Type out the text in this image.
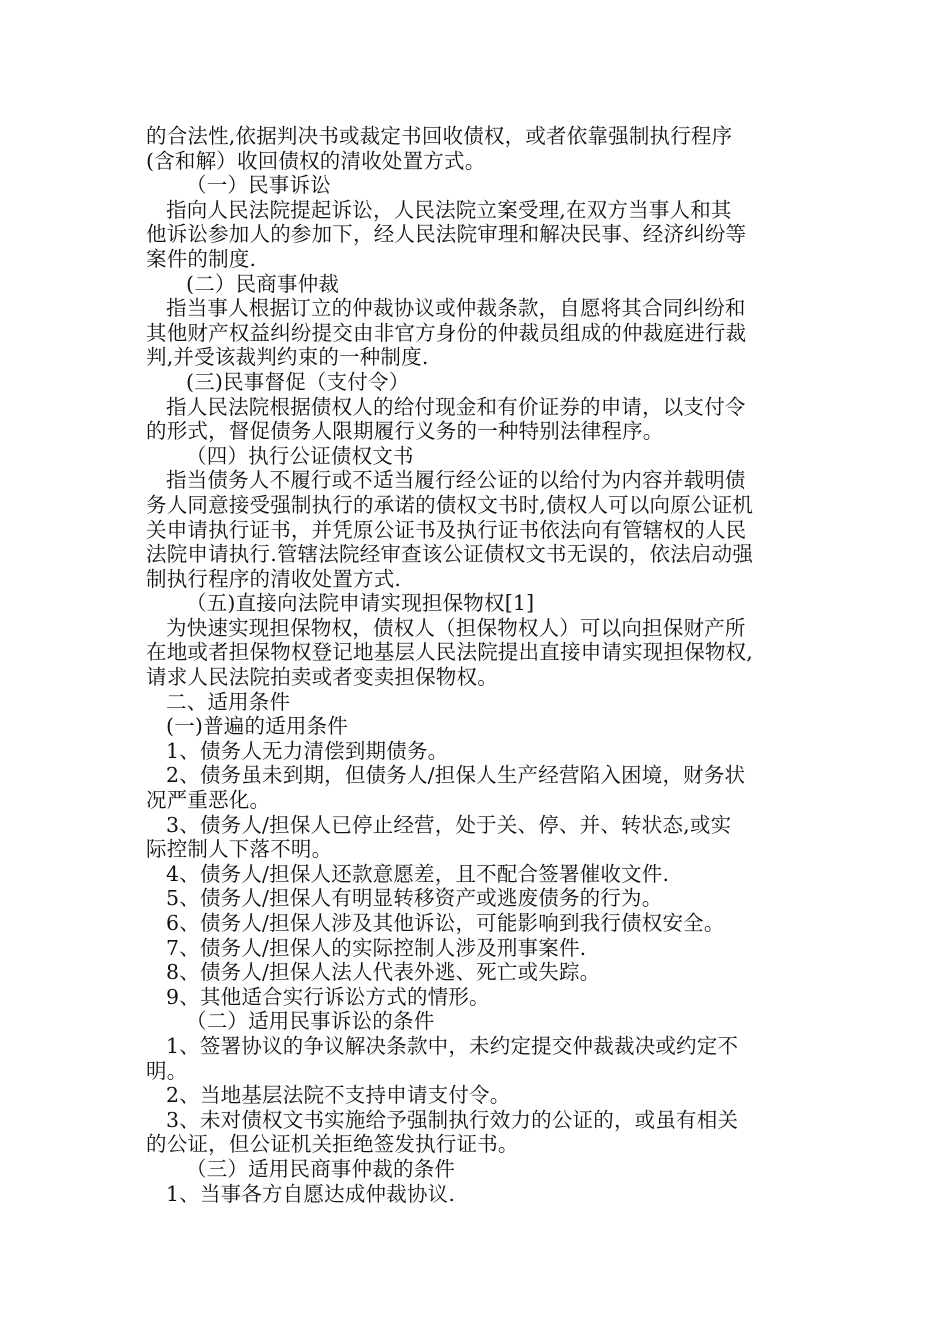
的合法性,依据判决书或裁定书回收债权，或者依靠强制执行程序
(含和解）收回债权的清收处置方式。
（一）民事诉讼
指向人民法院提起诉讼，人民法院立案受理,在双方当事人和其
他诉讼参加人的参加下，经人民法院审理和解决民事、经济纠纷等
案件的制度.
(二）民商事仲裁
指当事人根据订立的仲裁协议或仲裁条款，自愿将其合同纠纷和
其他财产权益纠纷提交由非官方身份的仲裁员组成的仲裁庭进行裁
判,并受该裁判约束的一种制度.
(三)民事督促（支付令）
指人民法院根据债权人的给付现金和有价证券的申请，以支付令
的形式，督促债务人限期履行义务的一种特别法律程序。
（四）执行公证债权文书
指当债务人不履行或不适当履行经公证的以给付为内容并载明债
务人同意接受强制执行的承诺的债权文书时,债权人可以向原公证机
关申请执行证书，并凭原公证书及执行证书依法向有管辖权的人民
法院申请执行.管辖法院经审查该公证债权文书无误的，依法启动强
制执行程序的清收处置方式.
（五)直接向法院申请实现担保物权[1]
为快速实现担保物权，债权人（担保物权人）可以向担保财产所
在地或者担保物权登记地基层人民法院提出直接申请实现担保物权,
请求人民法院拍卖或者变卖担保物权。
二、适用条件
(一)普遍的适用条件
1、债务人无力清偿到期债务。
2、债务虽未到期，但债务人/担保人生产经营陷入困境，财务状
况严重恶化。
3、债务人/担保人已停止经营，处于关、停、并、转状态,或实
际控制人下落不明。
4、债务人/担保人还款意愿差，且不配合签署催收文件.
5、债务人/担保人有明显转移资产或逃废债务的行为。
6、债务人/担保人涉及其他诉讼，可能影响到我行债权安全。
7、债务人/担保人的实际控制人涉及刑事案件.
8、债务人/担保人法人代表外逃、死亡或失踪。
9、其他适合实行诉讼方式的情形。
（二）适用民事诉讼的条件
1、签署协议的争议解决条款中，未约定提交仲裁裁决或约定不
明。
2、当地基层法院不支持申请支付令。
3、未对债权文书实施给予强制执行效力的公证的，或虽有相关
的公证，但公证机关拒绝签发执行证书。
（三）适用民商事仲裁的条件
1、当事各方自愿达成仲裁协议.
